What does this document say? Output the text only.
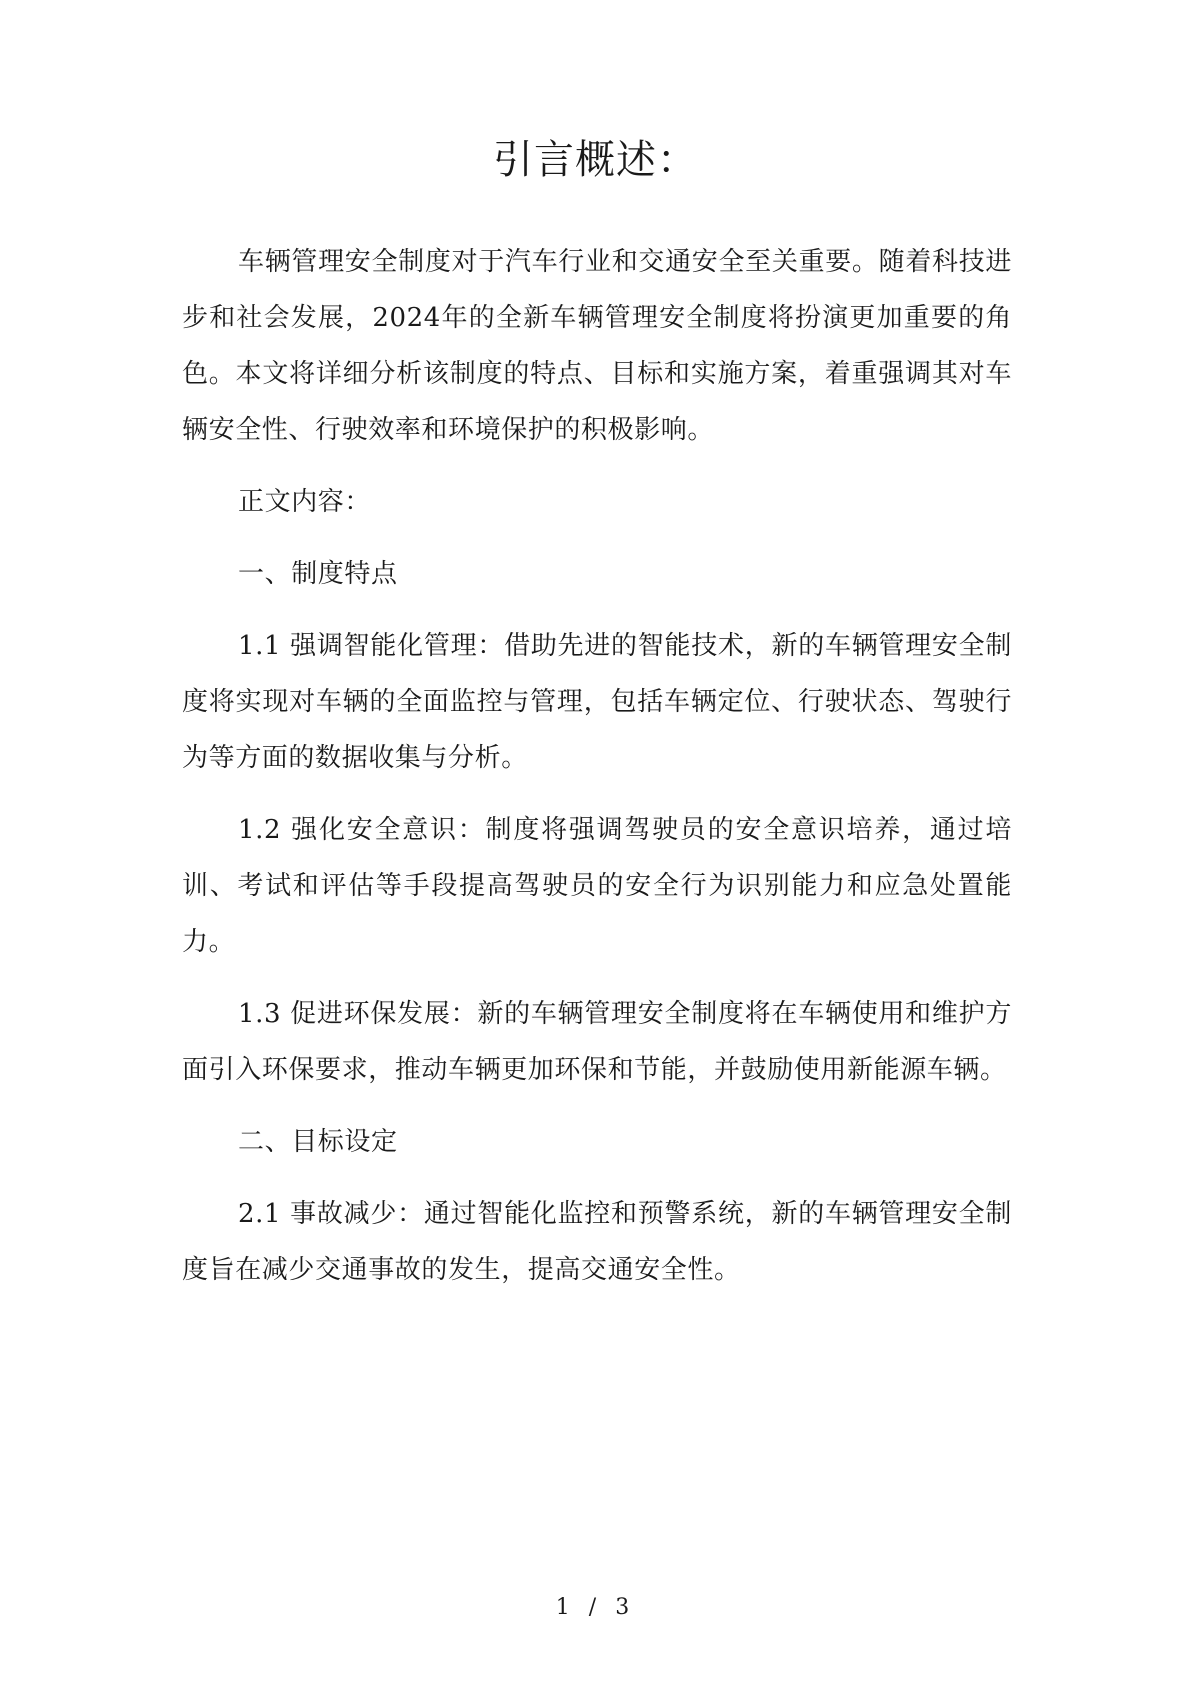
引言概述：

车辆管理安全制度对于汽车行业和交通安全至关重要。随着科技进步和社会发展，2024年的全新车辆管理安全制度将扮演更加重要的角色。本文将详细分析该制度的特点、目标和实施方案，着重强调其对车辆安全性、行驶效率和环境保护的积极影响。

正文内容：

一、制度特点

1.1 强调智能化管理：借助先进的智能技术，新的车辆管理安全制度将实现对车辆的全面监控与管理，包括车辆定位、行驶状态、驾驶行为等方面的数据收集与分析。

1.2 强化安全意识：制度将强调驾驶员的安全意识培养，通过培训、考试和评估等手段提高驾驶员的安全行为识别能力和应急处置能力。

1.3 促进环保发展：新的车辆管理安全制度将在车辆使用和维护方面引入环保要求，推动车辆更加环保和节能，并鼓励使用新能源车辆。

二、目标设定

2.1 事故减少：通过智能化监控和预警系统，新的车辆管理安全制度旨在减少交通事故的发生，提高交通安全性。

1 / 3
